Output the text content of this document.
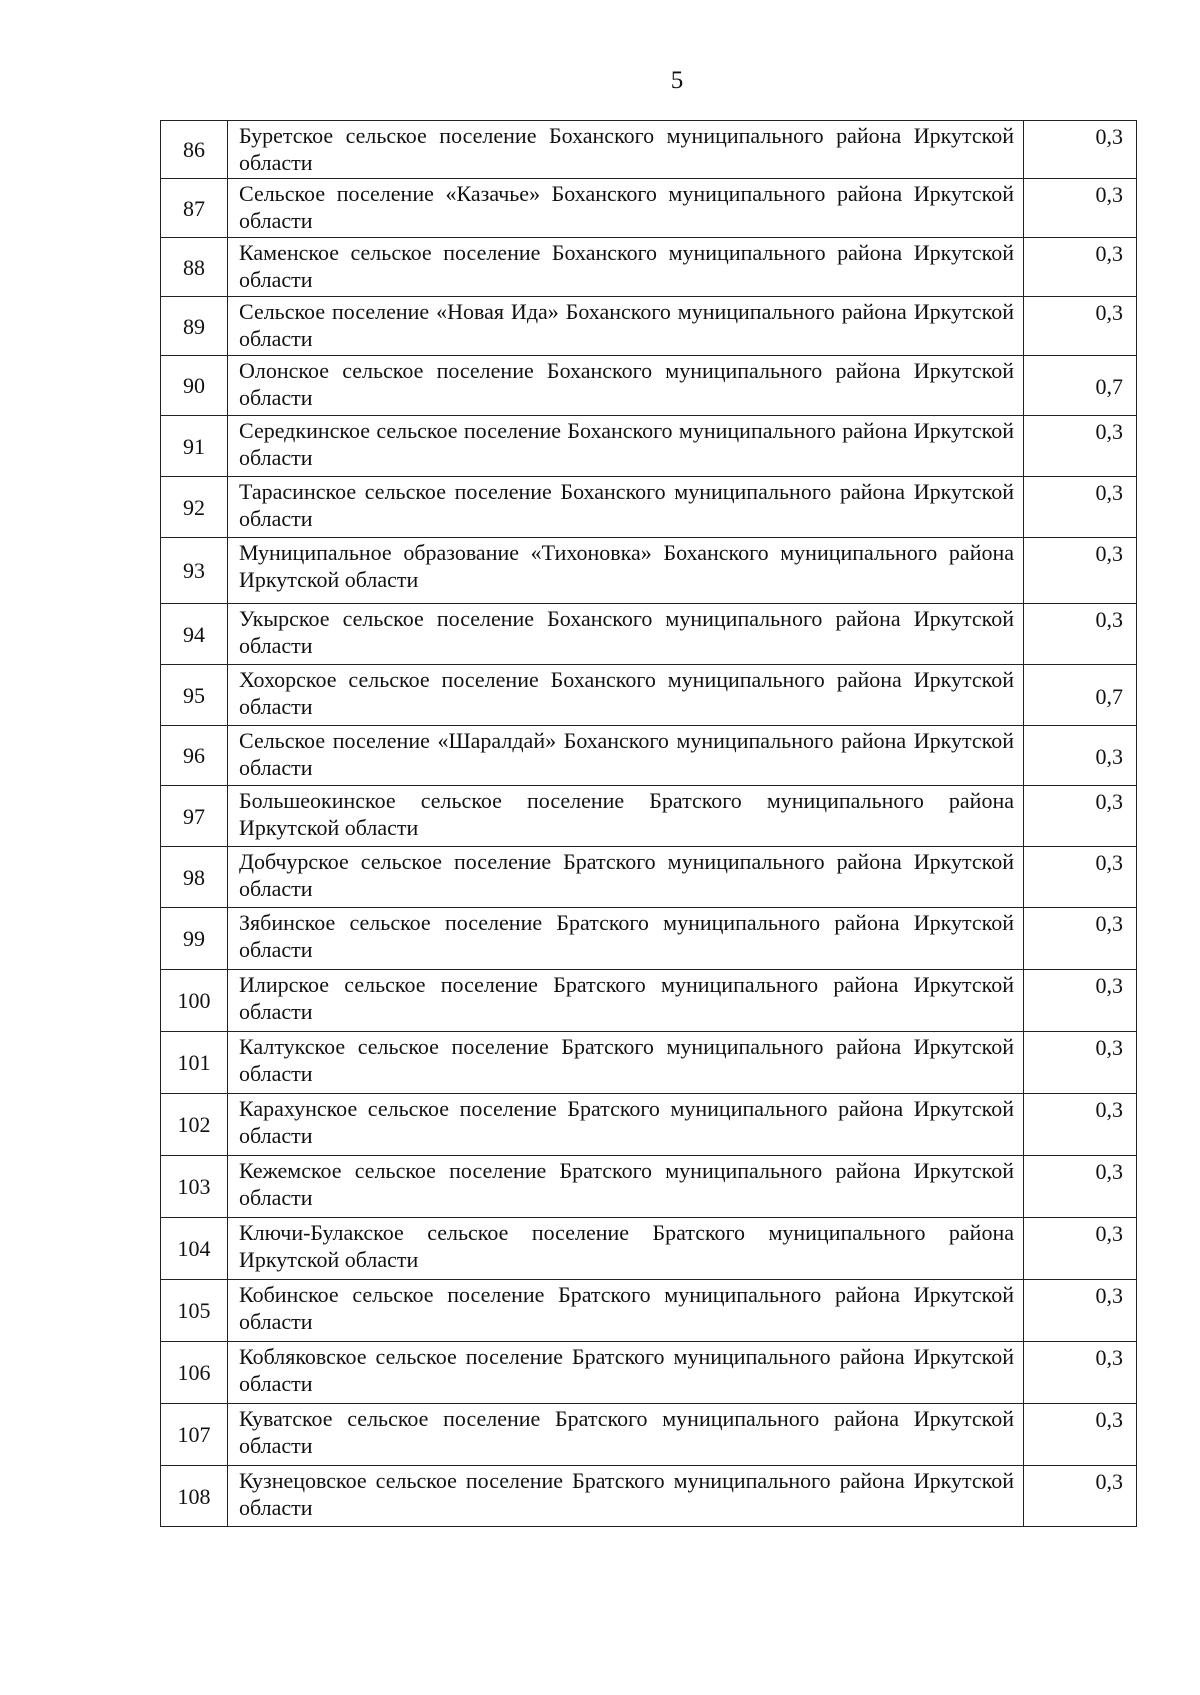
5
86	Буретское сельское поселение Боханского муниципального района Иркутской области	0,3
87	Сельское поселение «Казачье» Боханского муниципального района Иркутской области	0,3
88	Каменское сельское поселение Боханского муниципального района Иркутской области	0,3
89	Сельское поселение «Новая Ида» Боханского муниципального района Иркутской области	0,3
90	Олонское сельское поселение Боханского муниципального района Иркутской области	0,7
91	Середкинское сельское поселение Боханского муниципального района Иркутской области	0,3
92	Тарасинское сельское поселение Боханского муниципального района Иркутской области	0,3
93	Муниципальное образование «Тихоновка» Боханского муниципального района Иркутской области	0,3
94	Укырское сельское поселение Боханского муниципального района Иркутской области	0,3
95	Хохорское сельское поселение Боханского муниципального района Иркутской области	0,7
96	Сельское поселение «Шаралдай» Боханского муниципального района Иркутской области	0,3
97	Большеокинское сельское поселение Братского муниципального района Иркутской области	0,3
98	Добчурское сельское поселение Братского муниципального района Иркутской области	0,3
99	Зябинское сельское поселение Братского муниципального района Иркутской области	0,3
100	Илирское сельское поселение Братского муниципального района Иркутской области	0,3
101	Калтукское сельское поселение Братского муниципального района Иркутской области	0,3
102	Карахунское сельское поселение Братского муниципального района Иркутской области	0,3
103	Кежемское сельское поселение Братского муниципального района Иркутской области	0,3
104	Ключи-Булакское сельское поселение Братского муниципального района Иркутской области	0,3
105	Кобинское сельское поселение Братского муниципального района Иркутской области	0,3
106	Кобляковское сельское поселение Братского муниципального района Иркутской области	0,3
107	Куватское сельское поселение Братского муниципального района Иркутской области	0,3
108	Кузнецовское сельское поселение Братского муниципального района Иркутской области	0,3
